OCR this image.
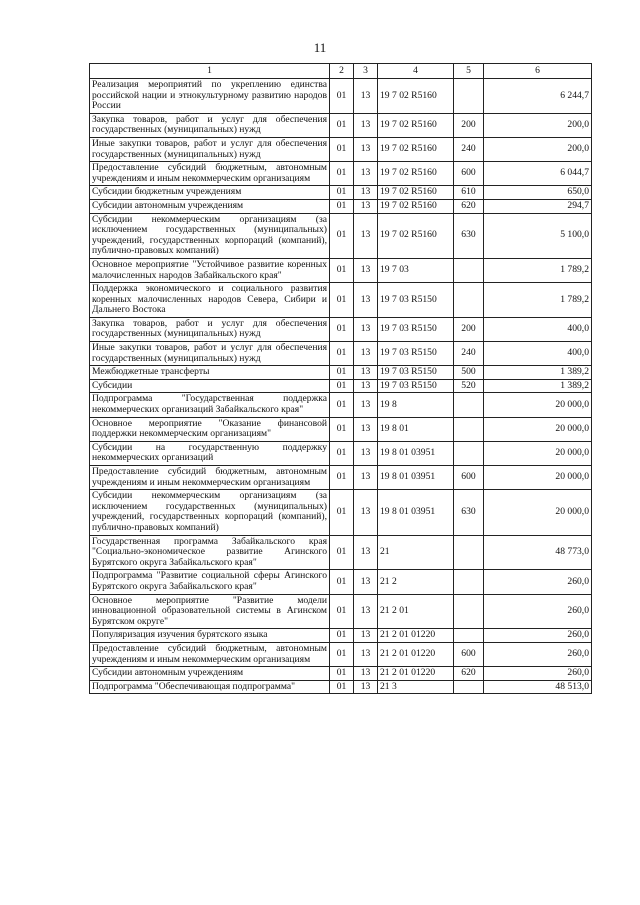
11
1	2	3	4	5	6
Реализация мероприятий по укреплению единства российской нации и этнокультурному развитию народов России	01	13	19 7 02 R5160		6 244,7
Закупка товаров, работ и услуг для обеспечения государственных (муниципальных) нужд	01	13	19 7 02 R5160	200	200,0
Иные закупки товаров, работ и услуг для обеспечения государственных (муниципальных) нужд	01	13	19 7 02 R5160	240	200,0
Предоставление субсидий бюджетным, автономным учреждениям и иным некоммерческим организациям	01	13	19 7 02 R5160	600	6 044,7
Субсидии бюджетным учреждениям	01	13	19 7 02 R5160	610	650,0
Субсидии автономным учреждениям	01	13	19 7 02 R5160	620	294,7
Субсидии некоммерческим организациям (за исключением государственных (муниципальных) учреждений, государственных корпораций (компаний), публично-правовых компаний)	01	13	19 7 02 R5160	630	5 100,0
Основное мероприятие "Устойчивое развитие коренных малочисленных народов Забайкальского края"	01	13	19 7 03		1 789,2
Поддержка экономического и социального развития коренных малочисленных народов Севера, Сибири и Дальнего Востока	01	13	19 7 03 R5150		1 789,2
Закупка товаров, работ и услуг для обеспечения государственных (муниципальных) нужд	01	13	19 7 03 R5150	200	400,0
Иные закупки товаров, работ и услуг для обеспечения государственных (муниципальных) нужд	01	13	19 7 03 R5150	240	400,0
Межбюджетные трансферты	01	13	19 7 03 R5150	500	1 389,2
Субсидии	01	13	19 7 03 R5150	520	1 389,2
Подпрограмма "Государственная поддержка некоммерческих организаций Забайкальского края"	01	13	19 8		20 000,0
Основное мероприятие "Оказание финансовой поддержки некоммерческим организациям"	01	13	19 8 01		20 000,0
Субсидии на государственную поддержку некоммерческих организаций	01	13	19 8 01 03951		20 000,0
Предоставление субсидий бюджетным, автономным учреждениям и иным некоммерческим организациям	01	13	19 8 01 03951	600	20 000,0
Субсидии некоммерческим организациям (за исключением государственных (муниципальных) учреждений, государственных корпораций (компаний), публично-правовых компаний)	01	13	19 8 01 03951	630	20 000,0
Государственная программа Забайкальского края "Социально-экономическое развитие Агинского Бурятского округа Забайкальского края"	01	13	21		48 773,0
Подпрограмма "Развитие социальной сферы Агинского Бурятского округа Забайкальского края"	01	13	21 2		260,0
Основное мероприятие "Развитие модели инновационной образовательной системы в Агинском Бурятском округе"	01	13	21 2 01		260,0
Популяризация изучения бурятского языка	01	13	21 2 01 01220		260,0
Предоставление субсидий бюджетным, автономным учреждениям и иным некоммерческим организациям	01	13	21 2 01 01220	600	260,0
Субсидии автономным учреждениям	01	13	21 2 01 01220	620	260,0
Подпрограмма "Обеспечивающая подпрограмма"	01	13	21 3		48 513,0
